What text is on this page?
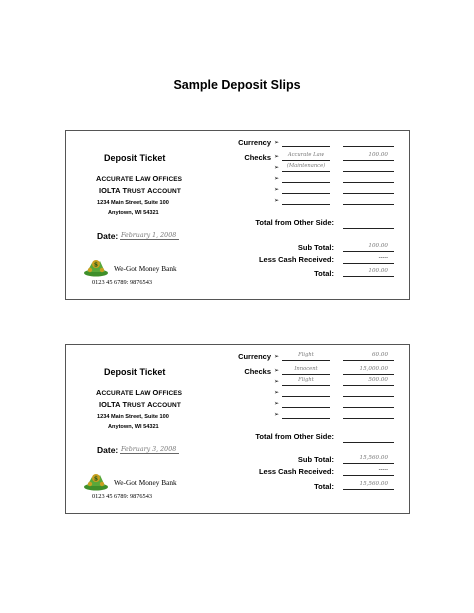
Sample Deposit Slips
Deposit Ticket
ACCURATE LAW OFFICES
IOLTA TRUST ACCOUNT
1234 Main Street, Suite 100
Anytown, WI 54321
Date: February 1, 2008
$ We-Got Money Bank
0123 45 6789: 9876543
Currency
Checks
➢
➢	Accurate Law	100.00
➢	(Maintenance)
➢
➢
➢
Total from Other Side:
Sub Total:	100.00
Less Cash Received:	-----
Total:	100.00
Deposit Ticket
ACCURATE LAW OFFICES
IOLTA TRUST ACCOUNT
1234 Main Street, Suite 100
Anytown, WI 54321
Date: February 3, 2008
$ We-Got Money Bank
0123 45 6789: 9876543
Currency
Checks
➢	Flight	60.00
➢	Innocent	15,000.00
➢	Flight	500.00
➢
➢
➢
Total from Other Side:
Sub Total:	15,560.00
Less Cash Received:	-----
Total:	15,560.00
